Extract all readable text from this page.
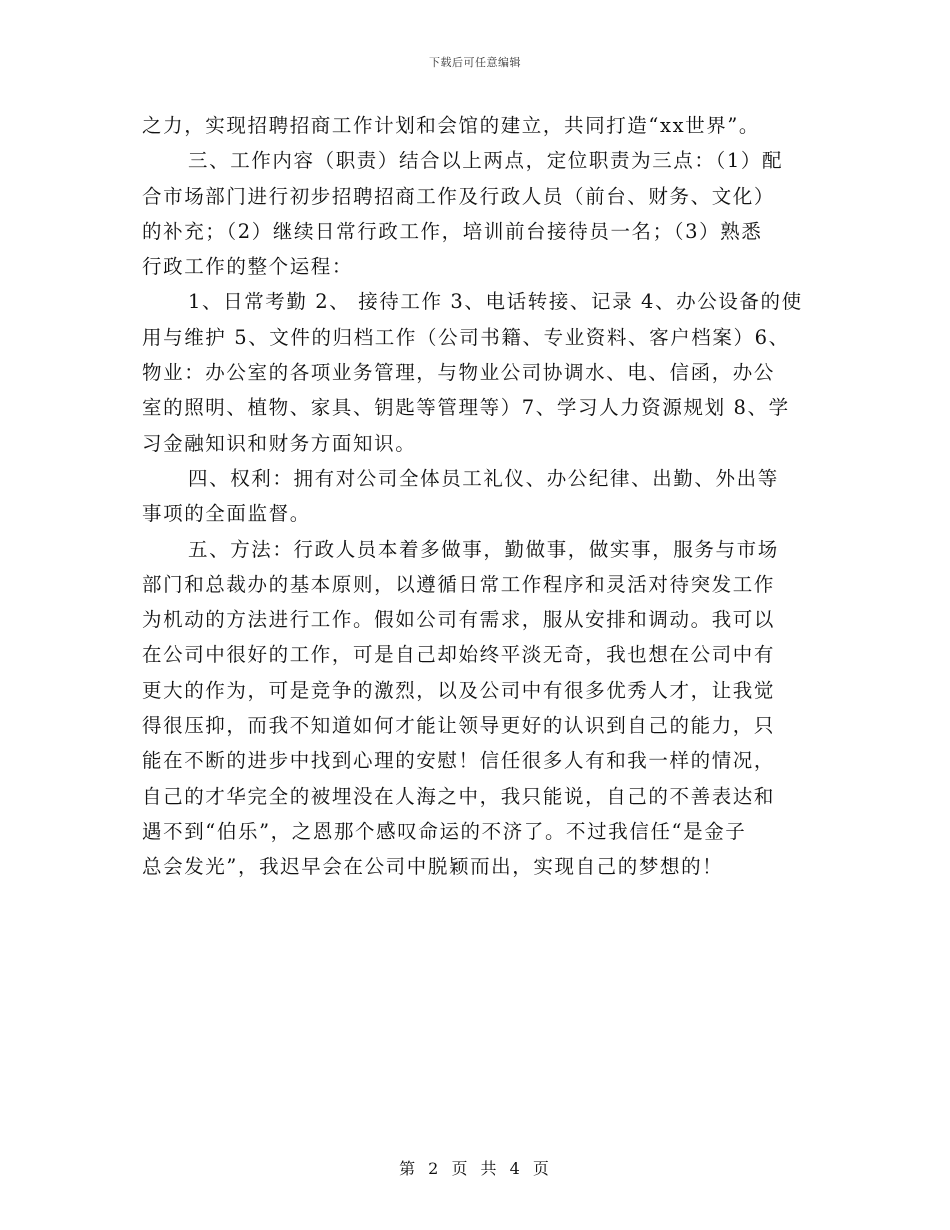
下载后可任意编辑
之力，实现招聘招商工作计划和会馆的建立，共同打造“xx世界”。
三、工作内容（职责）结合以上两点，定位职责为三点：（1）配
合市场部门进行初步招聘招商工作及行政人员（前台、财务、文化）
的补充；（2）继续日常行政工作，培训前台接待员一名；（3）熟悉
行政工作的整个运程：
1、日常考勤 2、 接待工作 3、电话转接、记录 4、办公设备的使
用与维护 5、文件的归档工作（公司书籍、专业资料、客户档案）6、
物业：办公室的各项业务管理，与物业公司协调水、电、信函，办公
室的照明、植物、家具、钥匙等管理等）7、学习人力资源规划 8、学
习金融知识和财务方面知识。
四、权利：拥有对公司全体员工礼仪、办公纪律、出勤、外出等
事项的全面监督。
五、方法：行政人员本着多做事，勤做事，做实事，服务与市场
部门和总裁办的基本原则，以遵循日常工作程序和灵活对待突发工作
为机动的方法进行工作。假如公司有需求，服从安排和调动。我可以
在公司中很好的工作，可是自己却始终平淡无奇，我也想在公司中有
更大的作为，可是竞争的激烈，以及公司中有很多优秀人才，让我觉
得很压抑，而我不知道如何才能让领导更好的认识到自己的能力，只
能在不断的进步中找到心理的安慰！信任很多人有和我一样的情况，
自己的才华完全的被埋没在人海之中，我只能说，自己的不善表达和
遇不到“伯乐”，之恩那个感叹命运的不济了。不过我信任“是金子
总会发光”，我迟早会在公司中脱颖而出，实现自己的梦想的！
第 2 页 共 4 页
